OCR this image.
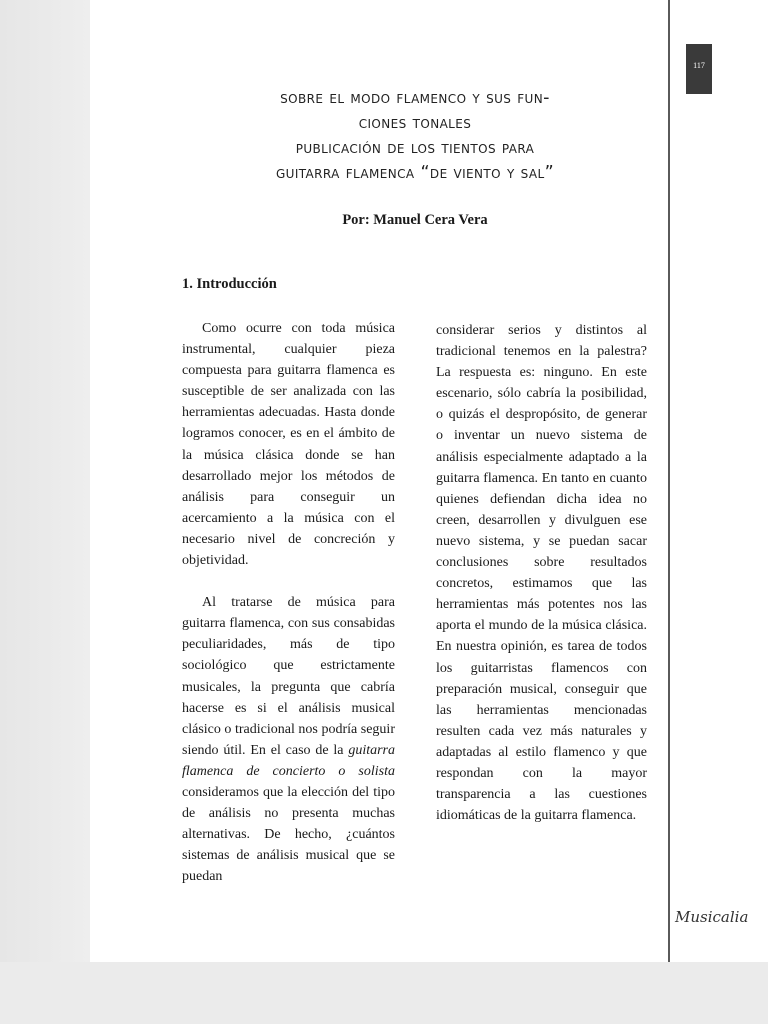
117
sobre el modo flamenco y sus fun-
ciones tonales
publicación de los tientos para
guitarra flamenca “de viento y sal”
Por: Manuel Cera Vera
1. Introducción

Como ocurre con toda música instrumental, cualquier pieza compuesta para guitarra flamenca es susceptible de ser analizada con las herramientas adecuadas. Hasta donde logramos conocer, es en el ámbito de la música clásica donde se han desarrollado mejor los métodos de análisis para conseguir un acercamiento a la música con el necesario nivel de concreción y objetividad.

Al tratarse de música para guitarra flamenca, con sus consabidas peculiaridades, más de tipo sociológico que estrictamente musicales, la pregunta que cabría hacerse es si el análisis musical clásico o tradicional nos podría seguir siendo útil. En el caso de la guitarra flamenca de concierto o solista consideramos que la elección del tipo de análisis no presenta muchas alternativas. De hecho, ¿cuántos sistemas de análisis musical que se puedan

considerar serios y distintos al tradicional tenemos en la palestra? La respuesta es: ninguno. En este escenario, sólo cabría la posibilidad, o quizás el despropósito, de generar o inventar un nuevo sistema de análisis especialmente adaptado a la guitarra flamenca. En tanto en cuanto quienes defiendan dicha idea no creen, desarrollen y divulguen ese nuevo sistema, y se puedan sacar conclusiones sobre resultados concretos, estimamos que las herramientas más potentes nos las aporta el mundo de la música clásica. En nuestra opinión, es tarea de todos los guitarristas flamencos con preparación musical, conseguir que las herramientas mencionadas resulten cada vez más naturales y adaptadas al estilo flamenco y que respondan con la mayor transparencia a las cuestiones idiomáticas de la guitarra flamenca.

Musicalia
